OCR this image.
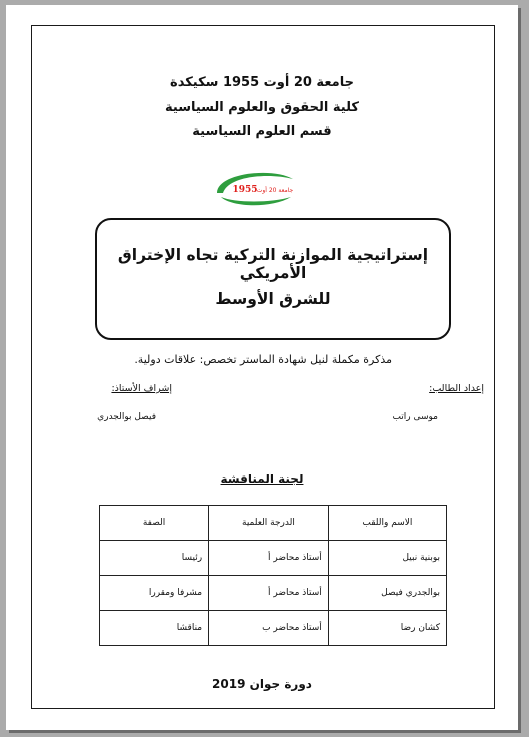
جامعة 20 أوت 1955 سكيكدة
كلية الحقوق والعلوم السياسية
قسم العلوم السياسية
1955 جامعة 20 أوت
إستراتيجية الموازنة التركية تجاه الإختراق الأمريكي
للشرق الأوسط
مذكرة مكملة لنيل شهادة الماستر تخصص: علاقات دولية.
إعداد الطالب:
إشراف الأستاذ:
موسى راتب
فيصل بوالجدري
لجنة المناقشة
الاسم واللقب	الدرجة العلمية	الصفة
بوبنية نبيل	أستاذ محاضر أ	رئيسا
بوالجدري فيصل	أستاذ محاضر أ	مشرفا ومقررا
كشان رضا	أستاذ محاضر ب	مناقشا
دورة جوان 2019
